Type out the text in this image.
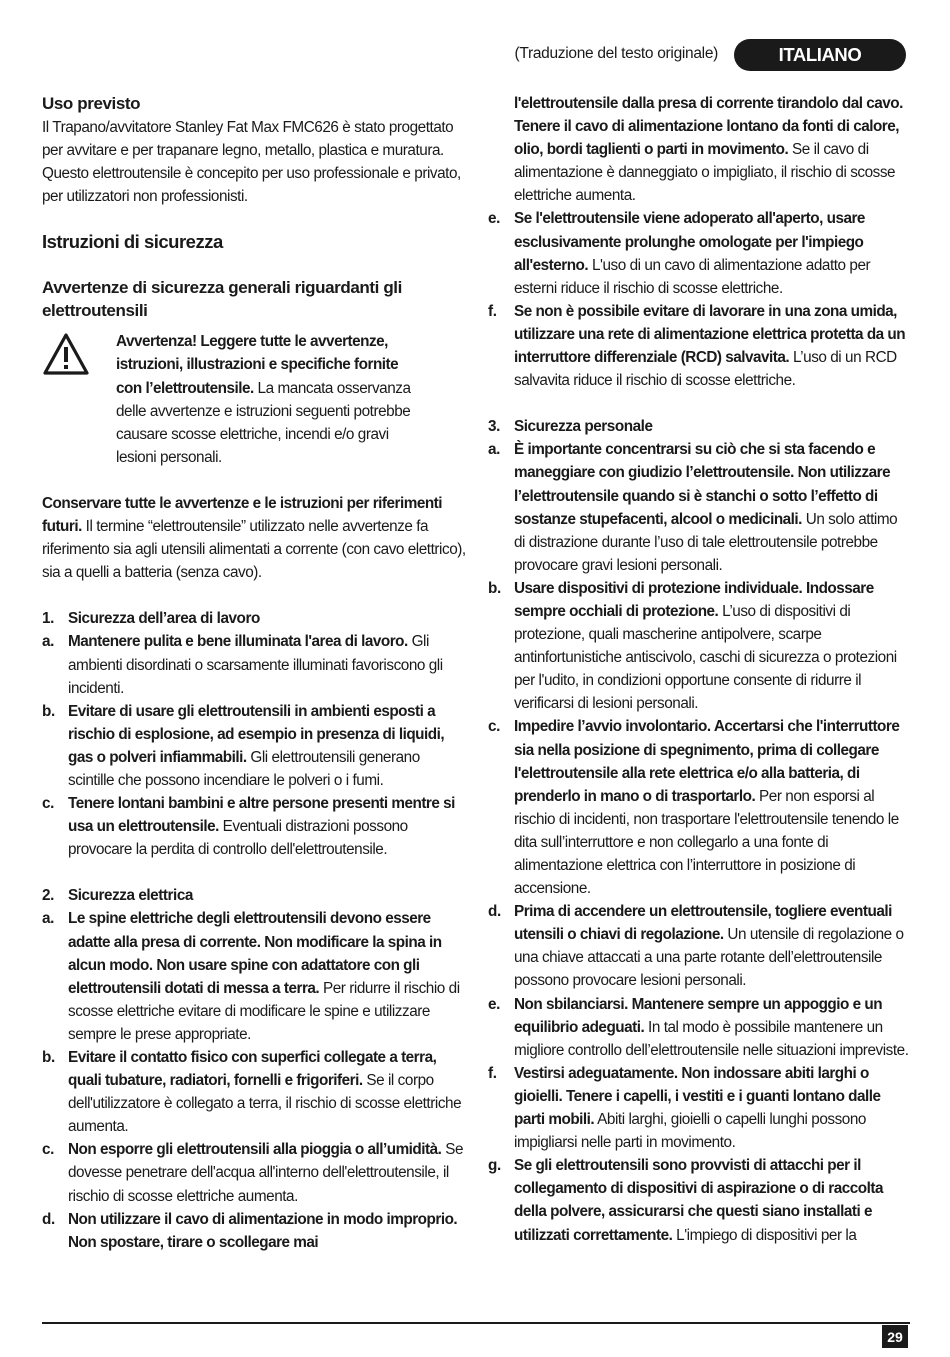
(Traduzione del testo originale)	ITALIANO

Uso previsto

Il Trapano/avvitatore Stanley Fat Max FMC626 è stato progettato per avvitare e per trapanare legno, metallo, plastica e muratura. Questo elettroutensile è concepito per uso professionale e privato, per utilizzatori non professionisti.

Istruzioni di sicurezza

Avvertenze di sicurezza generali riguardanti gli elettroutensili

Avvertenza! Leggere tutte le avvertenze, istruzioni, illustrazioni e specifiche fornite con l’elettroutensile. La mancata osservanza delle avvertenze e istruzioni seguenti potrebbe causare scosse elettriche, incendi e/o gravi lesioni personali.

Conservare tutte le avvertenze e le istruzioni per riferimenti futuri. Il termine “elettroutensile” utilizzato nelle avvertenze fa riferimento sia agli utensili alimentati a corrente (con cavo elettrico), sia a quelli a batteria (senza cavo).

1. Sicurezza dell’area di lavoro
a. Mantenere pulita e bene illuminata l'area di lavoro. Gli ambienti disordinati o scarsamente illuminati favoriscono gli incidenti.

b. Evitare di usare gli elettroutensili in ambienti esposti a rischio di esplosione, ad esempio in presenza di liquidi, gas o polveri infiammabili. Gli elettroutensili generano scintille che possono incendiare le polveri o i fumi.

c. Tenere lontani bambini e altre persone presenti mentre si usa un elettroutensile. Eventuali distrazioni possono provocare la perdita di controllo dell'elettroutensile.

2. Sicurezza elettrica
a. Le spine elettriche degli elettroutensili devono essere adatte alla presa di corrente. Non modificare la spina in alcun modo. Non usare spine con adattatore con gli elettroutensili dotati di messa a terra. Per ridurre il rischio di scosse elettriche evitare di modificare le spine e utilizzare sempre le prese appropriate.

b. Evitare il contatto fisico con superfici collegate a terra, quali tubature, radiatori, fornelli e frigoriferi. Se il corpo dell'utilizzatore è collegato a terra, il rischio di scosse elettriche aumenta.

c. Non esporre gli elettroutensili alla pioggia o all’umidità. Se dovesse penetrare dell'acqua all'interno dell'elettroutensile, il rischio di scosse elettriche aumenta.

d. Non utilizzare il cavo di alimentazione in modo improprio. Non spostare, tirare o scollegare mai

l'elettroutensile dalla presa di corrente tirandolo dal cavo. Tenere il cavo di alimentazione lontano da fonti di calore, olio, bordi taglienti o parti in movimento. Se il cavo di alimentazione è danneggiato o impigliato, il rischio di scosse elettriche aumenta.

e. Se l'elettroutensile viene adoperato all'aperto, usare esclusivamente prolunghe omologate per l'impiego all'esterno. L'uso di un cavo di alimentazione adatto per esterni riduce il rischio di scosse elettriche.

f.	Se non è possibile evitare di lavorare in una zona umida, utilizzare una rete di alimentazione elettrica protetta da un interruttore differenziale (RCD) salvavita. L’uso di un RCD salvavita riduce il rischio di scosse elettriche.

3. Sicurezza personale
a. È importante concentrarsi su ciò che si sta facendo e maneggiare con giudizio l’elettroutensile. Non utilizzare l’elettroutensile quando si è stanchi o sotto l’effetto di sostanze stupefacenti, alcool o medicinali. Un solo attimo di distrazione durante l’uso di tale elettroutensile potrebbe provocare gravi lesioni personali.

b. Usare dispositivi di protezione individuale. Indossare sempre occhiali di protezione. L’uso di dispositivi di protezione, quali mascherine antipolvere, scarpe antinfortunistiche antiscivolo, caschi di sicurezza o protezioni per l'udito, in condizioni opportune consente di ridurre il verificarsi di lesioni personali.

c. Impedire l’avvio involontario. Accertarsi che l'interruttore sia nella posizione di spegnimento, prima di collegare l'elettroutensile alla rete elettrica e/o alla batteria, di prenderlo in mano o di trasportarlo. Per non esporsi al rischio di incidenti, non trasportare l'elettroutensile tenendo le dita sull’interruttore e non collegarlo a una fonte di alimentazione elettrica con l’interruttore in posizione di accensione.

d. Prima di accendere un elettroutensile, togliere eventuali utensili o chiavi di regolazione. Un utensile di regolazione o una chiave attaccati a una parte rotante dell’elettroutensile possono provocare lesioni personali.

e. Non sbilanciarsi. Mantenere sempre un appoggio e un equilibrio adeguati. In tal modo è possibile mantenere un migliore controllo dell’elettroutensile nelle situazioni impreviste.

f.	Vestirsi adeguatamente. Non indossare abiti larghi o gioielli. Tenere i capelli, i vestiti e i guanti lontano dalle parti mobili. Abiti larghi, gioielli o capelli lunghi possono impigliarsi nelle parti in movimento.

g. Se gli elettroutensili sono provvisti di attacchi per il collegamento di dispositivi di aspirazione o di raccolta della polvere, assicurarsi che questi siano installati e utilizzati correttamente. L'impiego di dispositivi per la

29
